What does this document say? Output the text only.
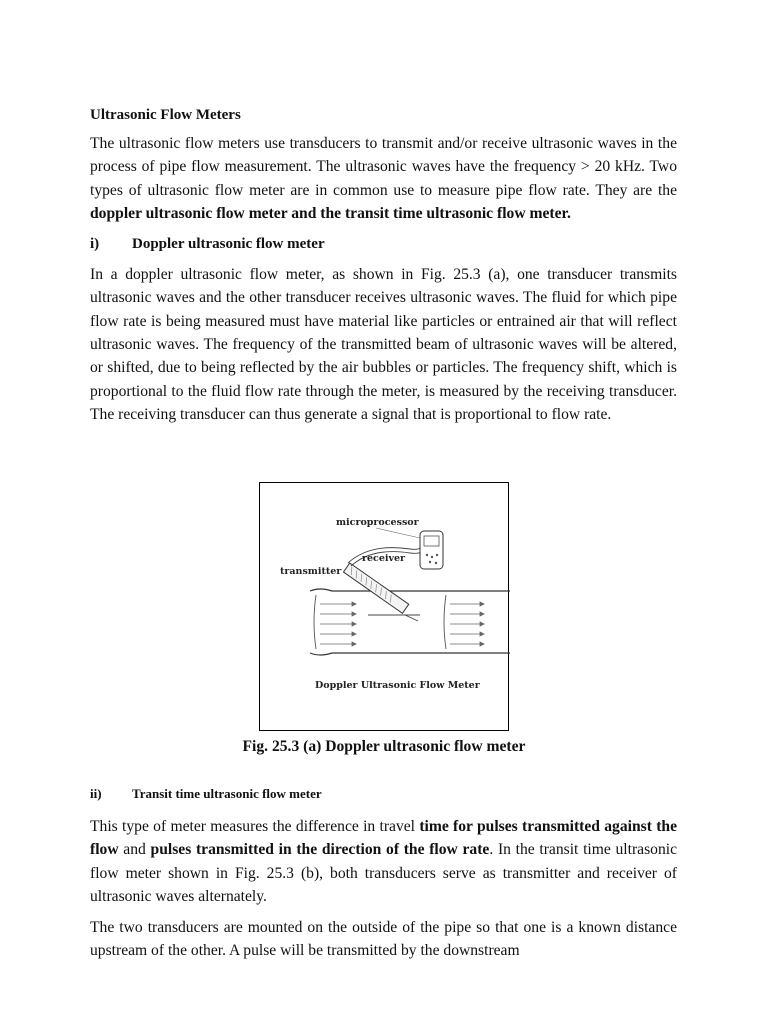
Ultrasonic Flow Meters

The ultrasonic flow meters use transducers to transmit and/or receive ultrasonic waves in the process of pipe flow measurement. The ultrasonic waves have the frequency > 20 kHz. Two types of ultrasonic flow meter are in common use to measure pipe flow rate. They are the doppler ultrasonic flow meter and the transit time ultrasonic flow meter.

i)	Doppler ultrasonic flow meter

In a doppler ultrasonic flow meter, as shown in Fig. 25.3 (a), one transducer transmits ultrasonic waves and the other transducer receives ultrasonic waves. The fluid for which pipe flow rate is being measured must have material like particles or entrained air that will reflect ultrasonic waves. The frequency of the transmitted beam of ultrasonic waves will be altered, or shifted, due to being reflected by the air bubbles or particles. The frequency shift, which is proportional to the fluid flow rate through the meter, is measured by the receiving transducer. The receiving transducer can thus generate a signal that is proportional to flow rate.

microprocessor
receiver
transmitter
Doppler Ultrasonic Flow Meter
Fig. 25.3 (a) Doppler ultrasonic flow meter
ii)	Transit time ultrasonic flow meter

This type of meter measures the difference in travel time for pulses transmitted against the flow and pulses transmitted in the direction of the flow rate. In the transit time ultrasonic flow meter shown in Fig. 25.3 (b), both transducers serve as transmitter and receiver of ultrasonic waves alternately.

The two transducers are mounted on the outside of the pipe so that one is a known distance upstream of the other. A pulse will be transmitted by the downstream
